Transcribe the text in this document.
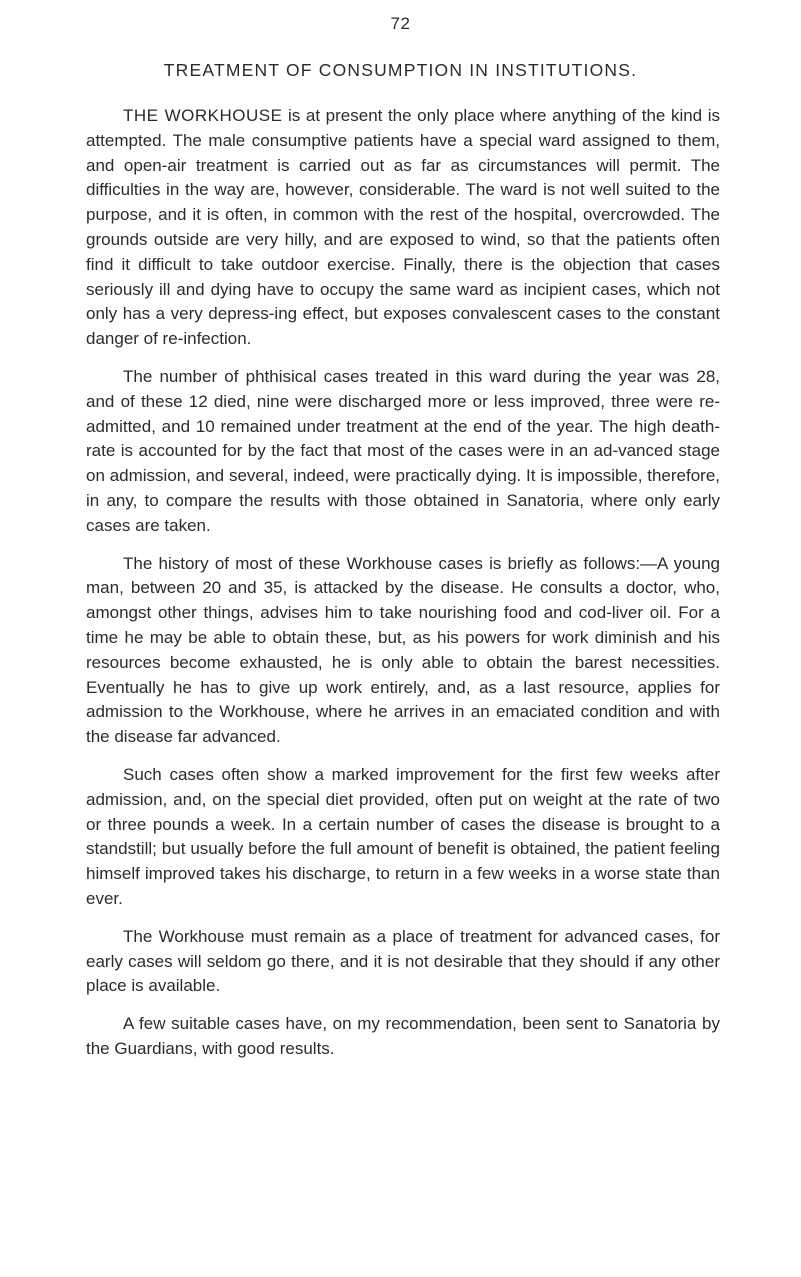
72
TREATMENT OF CONSUMPTION IN INSTITUTIONS.

THE WORKHOUSE is at present the only place where anything of the kind is attempted. The male consumptive patients have a special ward assigned to them, and open-air treatment is carried out as far as circumstances will permit. The difficulties in the way are, however, considerable. The ward is not well suited to the purpose, and it is often, in common with the rest of the hospital, overcrowded. The grounds outside are very hilly, and are exposed to wind, so that the patients often find it difficult to take outdoor exercise. Finally, there is the objection that cases seriously ill and dying have to occupy the same ward as incipient cases, which not only has a very depress-ing effect, but exposes convalescent cases to the constant danger of re-infection.

The number of phthisical cases treated in this ward during the year was 28, and of these 12 died, nine were discharged more or less improved, three were re-admitted, and 10 remained under treatment at the end of the year. The high death-rate is accounted for by the fact that most of the cases were in an ad-vanced stage on admission, and several, indeed, were practically dying. It is impossible, therefore, in any, to compare the results with those obtained in Sanatoria, where only early cases are taken.

The history of most of these Workhouse cases is briefly as follows:—A young man, between 20 and 35, is attacked by the disease. He consults a doctor, who, amongst other things, advises him to take nourishing food and cod-liver oil. For a time he may be able to obtain these, but, as his powers for work diminish and his resources become exhausted, he is only able to obtain the barest necessities. Eventually he has to give up work entirely, and, as a last resource, applies for admission to the Workhouse, where he arrives in an emaciated condition and with the disease far advanced.

Such cases often show a marked improvement for the first few weeks after admission, and, on the special diet provided, often put on weight at the rate of two or three pounds a week. In a certain number of cases the disease is brought to a standstill; but usually before the full amount of benefit is obtained, the patient feeling himself improved takes his discharge, to return in a few weeks in a worse state than ever.

The Workhouse must remain as a place of treatment for advanced cases, for early cases will seldom go there, and it is not desirable that they should if any other place is available.

A few suitable cases have, on my recommendation, been sent to Sanatoria by the Guardians, with good results.
